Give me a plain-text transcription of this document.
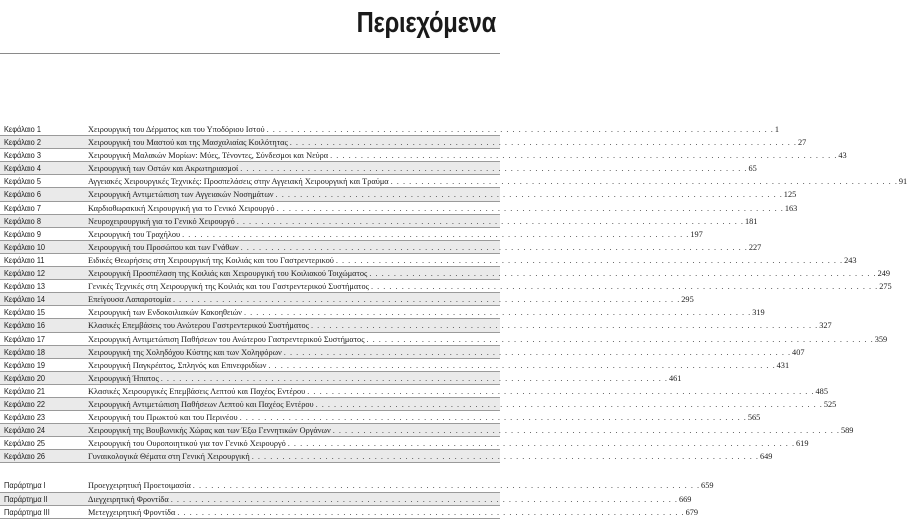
Περιεχόμενα
Κεφάλαιο 1	Χειρουργική του Δέρματος και του Υποδόριου Ιστού . . .	1
Κεφάλαιο 2	Χειρουργική του Μαστού και της Μασχαλιαίας Κοιλότητας . . .	27
Κεφάλαιο 3	Χειρουργική Μαλακών Μορίων: Μύες, Τένοντες, Σύνδεσμοι και Νεύρα . . .	43
Κεφάλαιο 4	Χειρουργική των Οστών και Ακρωτηριασμοί . . .	65
Κεφάλαιο 5	Αγγειακές Χειρουργικές Τεχνικές: Προσπελάσεις στην Αγγειακή Χειρουργική και Τραύμα . . .	91
Κεφάλαιο 6	Χειρουργική Αντιμετώπιση των Αγγειακών Νοσημάτων . . .	125
Κεφάλαιο 7	Καρδιοθωρακική Χειρουργική για το Γενικό Χειρουργό . . .	163
Κεφάλαιο 8	Νευροχειρουργική για το Γενικό Χειρουργό . . .	181
Κεφάλαιο 9	Χειρουργική του Τραχήλου . . .	197
Κεφάλαιο 10	Χειρουργική του Προσώπου και των Γνάθων . . .	227
Κεφάλαιο 11	Ειδικές Θεωρήσεις στη Χειρουργική της Κοιλιάς και του Γαστρεντερικού . . .	243
Κεφάλαιο 12	Χειρουργική Προσπέλαση της Κοιλιάς και Χειρουργική του Κοιλιακού Τοιχώματος . . .	249
Κεφάλαιο 13	Γενικές Τεχνικές στη Χειρουργική της Κοιλιάς και του Γαστρεντερικού Συστήματος . . .	275
Κεφάλαιο 14	Επείγουσα Λαπαροτομία . . .	295
Κεφάλαιο 15	Χειρουργική των Ενδοκοιλιακών Κακοηθειών . . .	319
Κεφάλαιο 16	Κλασικές Επεμβάσεις του Ανώτερου Γαστρεντερικού Συστήματος . . .	327
Κεφάλαιο 17	Χειρουργική Αντιμετώπιση Παθήσεων του Ανώτερου Γαστρεντερικού Συστήματος . . .	359
Κεφάλαιο 18	Χειρουργική της Χοληδόχου Κύστης και των Χοληφόρων . . .	407
Κεφάλαιο 19	Χειρουργική Παγκρέατος, Σπληνός και Επινεφριδίων . . .	431
Κεφάλαιο 20	Χειρουργική Ήπατος . . .	461
Κεφάλαιο 21	Κλασικές Χειρουργικές Επεμβάσεις Λεπτού και Παχέος Εντέρου . . .	485
Κεφάλαιο 22	Χειρουργική Αντιμετώπιση Παθήσεων Λεπτού και Παχέος Εντέρου . . .	525
Κεφάλαιο 23	Χειρουργική του Πρωκτού και του Περινέου . . .	565
Κεφάλαιο 24	Χειρουργική της Βουβωνικής Χώρας και των Έξω Γεννητικών Οργάνων . . .	589
Κεφάλαιο 25	Χειρουργική του Ουροποιητικού για τον Γενικό Χειρουργό . . .	619
Κεφάλαιο 26	Γυναικολογικά Θέματα στη Γενική Χειρουργική . . .	649
Παράρτημα I	Προεγχειρητική Προετοιμασία . . .	659
Παράρτημα II	Διεγχειρητική Φροντίδα . . .	669
Παράρτημα III	Μετεγχειρητική Φροντίδα . . .	679
